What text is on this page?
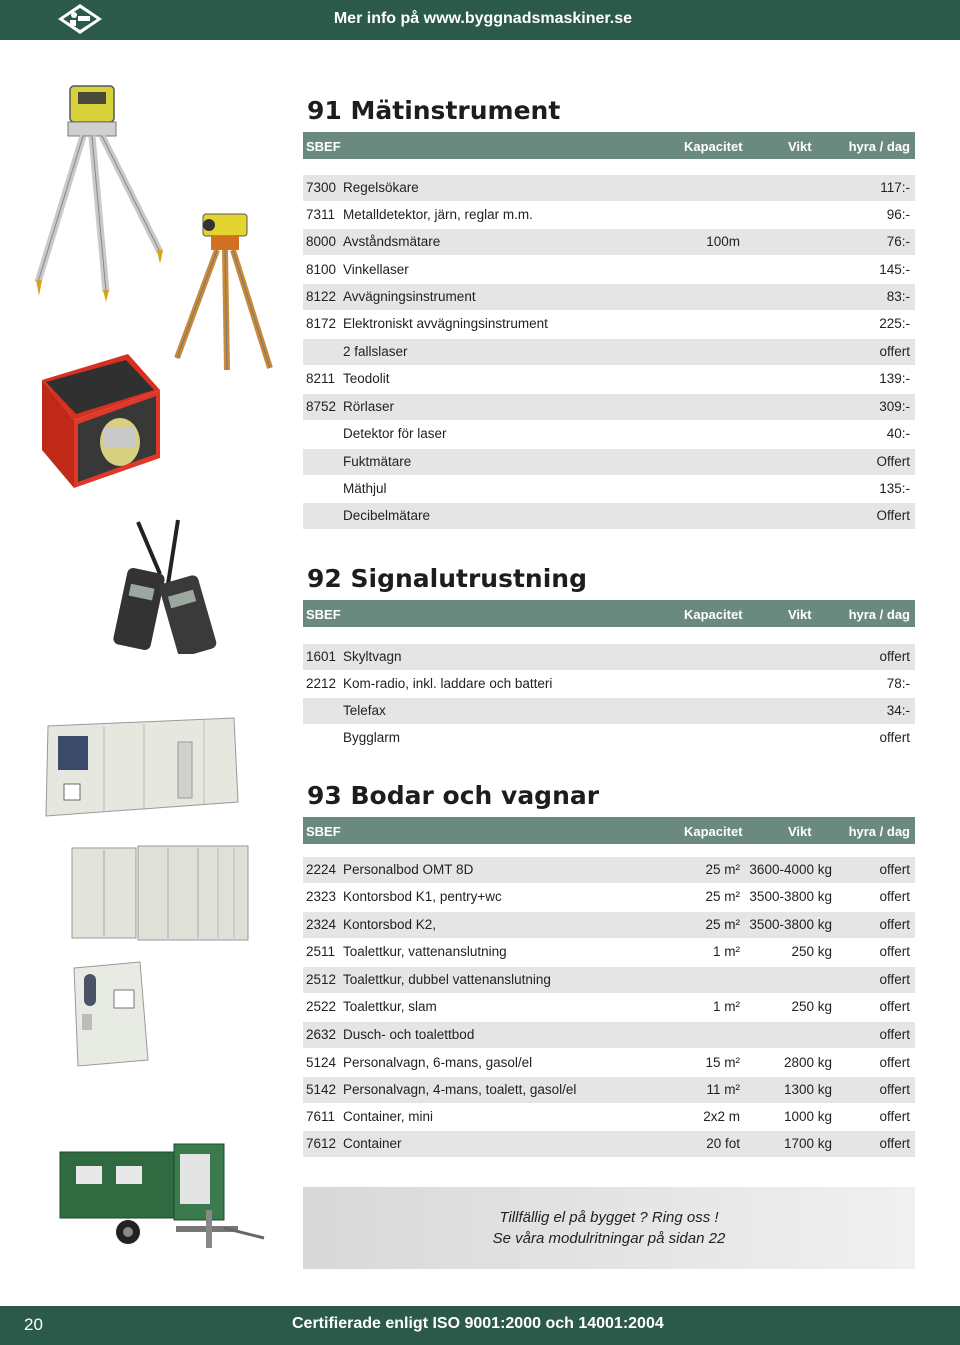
Mer info på www.byggnadsmaskiner.se
91 Mätinstrument
SBEF	Kapacitet	Vikt	hyra / dag
7300 Regelsökare	117:-
7311 Metalldetektor, järn, reglar m.m.	96:-
8000 Avståndsmätare	100m	76:-
8100 Vinkellaser	145:-
8122 Avvägningsinstrument	83:-
8172 Elektroniskt avvägningsinstrument	225:-
2 fallslaser	offert
8211 Teodolit	139:-
8752 Rörlaser	309:-
Detektor för laser	40:-
Fuktmätare	Offert
Mäthjul	135:-
Decibelmätare	Offert
92 Signalutrustning
SBEF	Kapacitet	Vikt	hyra / dag
1601 Skyltvagn	offert
2212 Kom-radio, inkl. laddare och batteri	78:-
Telefax	34:-
Bygglarm	offert
93 Bodar och vagnar
SBEF	Kapacitet	Vikt	hyra / dag
2224 Personalbod OMT 8D	25 m² 3600-4000 kg	offert
2323 Kontorsbod K1, pentry+wc	25 m² 3500-3800 kg	offert
2324 Kontorsbod K2,	25 m² 3500-3800 kg	offert
2511 Toalettkur, vattenanslutning	1 m²	250 kg	offert
2512 Toalettkur, dubbel vattenanslutning	offert
2522 Toalettkur, slam	1 m²	250 kg	offert
2632 Dusch- och toalettbod	offert
5124 Personalvagn, 6-mans, gasol/el	15 m²	2800 kg	offert
5142 Personalvagn, 4-mans, toalett, gasol/el	11 m²	1300 kg	offert
7611 Container, mini	2x2 m	1000 kg	offert
7612 Container	20 fot	1700 kg	offert

Tillfällig el på bygget ? Ring oss !

Se våra modulritningar på sidan 22

20	Certifierade enligt ISO 9001:2000 och 14001:2004
